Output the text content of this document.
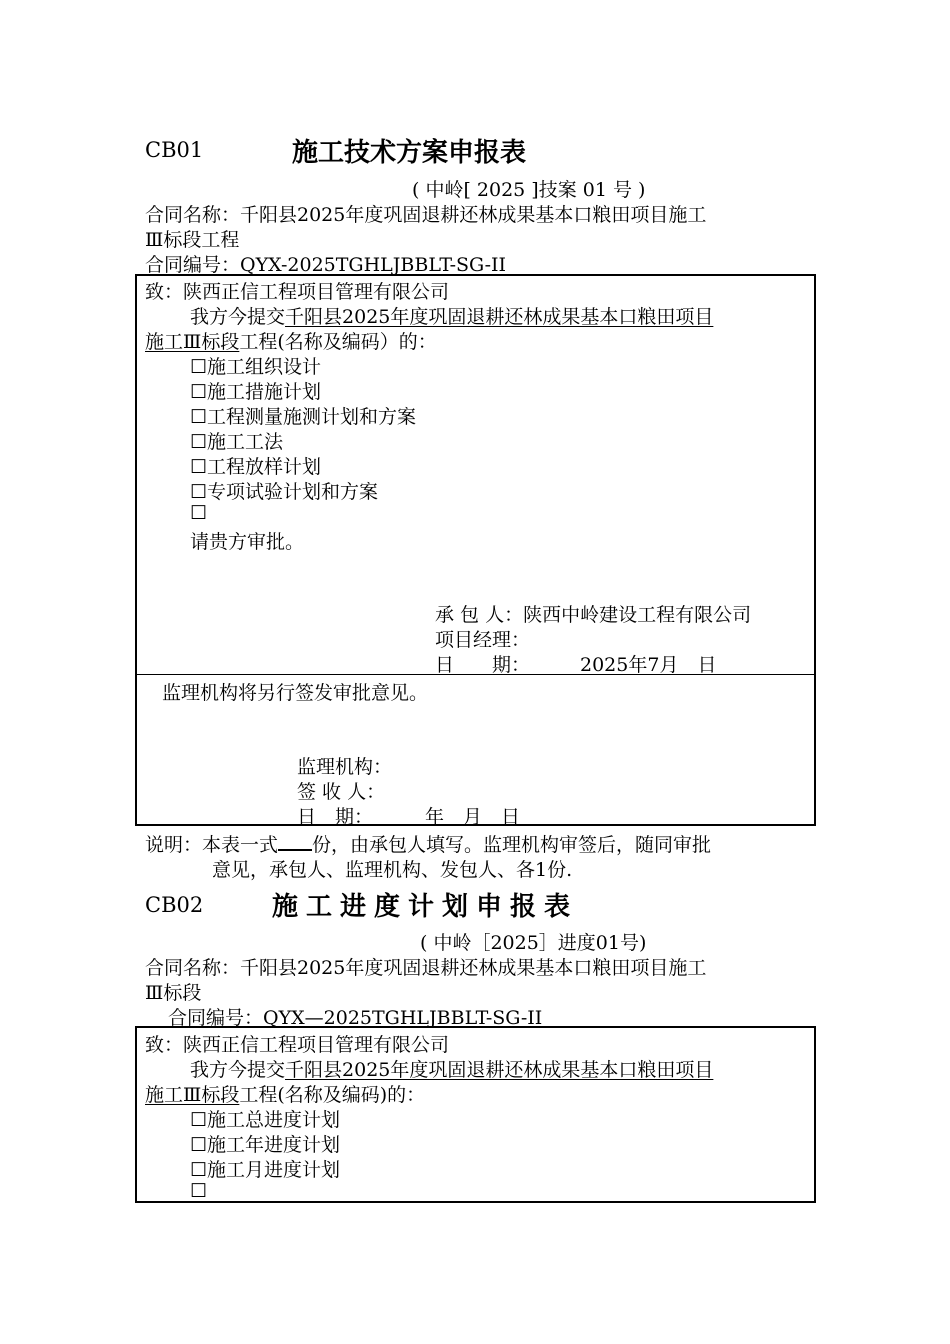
CB01	施工技术方案申报表
( 中岭[ 2025 ]技案 01 号 )
合同名称：千阳县2025年度巩固退耕还林成果基本口粮田项目施工
Ⅲ标段工程
合同编号：QYX-2025TGHLJBBLT-SG-II
致：陕西正信工程项目管理有限公司
我方今提交千阳县2025年度巩固退耕还林成果基本口粮田项目
施工Ⅲ标段工程(名称及编码）的：
☐施工组织设计
☐施工措施计划
☐工程测量施测计划和方案
☐施工工法
☐工程放样计划
☐专项试验计划和方案
☐
请贵方审批。
承 包 人：陕西中岭建设工程有限公司
项目经理：
日　　期：	2025年7月　日
监理机构将另行签发审批意见。
监理机构：
签 收 人：
日　期：	年　月　日
说明：本表一式 份，由承包人填写。监理机构审签后，随同审批
意见，承包人、监理机构、发包人、各1份.
CB02	施工进度计划申报表
( 中岭［2025］进度01号)
合同名称：千阳县2025年度巩固退耕还林成果基本口粮田项目施工
Ⅲ标段
合同编号：QYX—2025TGHLJBBLT-SG-II
致：陕西正信工程项目管理有限公司
我方今提交千阳县2025年度巩固退耕还林成果基本口粮田项目
施工Ⅲ标段工程(名称及编码)的：
☐施工总进度计划
☐施工年进度计划
☐施工月进度计划
☐
